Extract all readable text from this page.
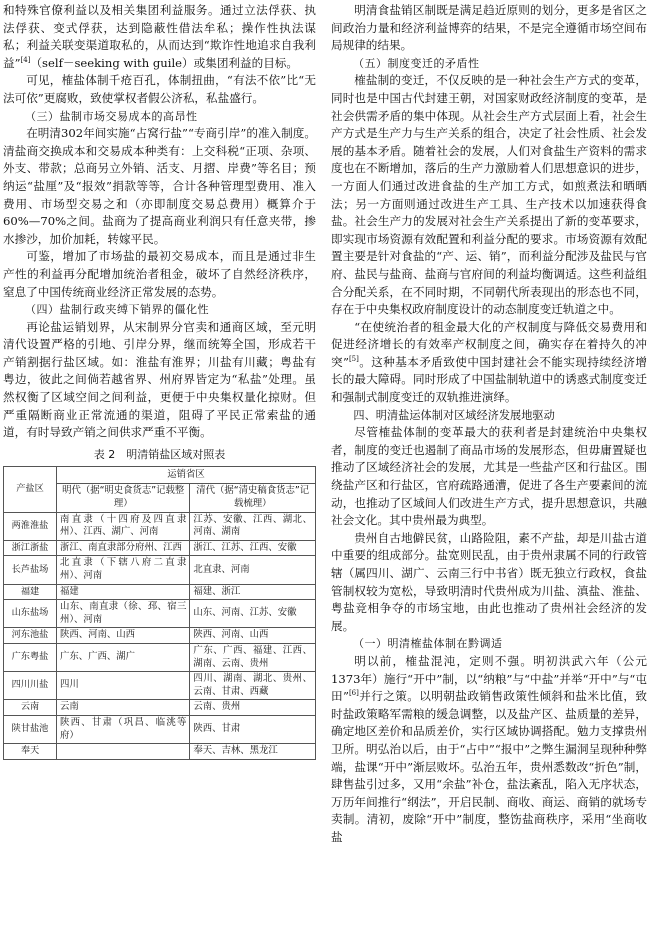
和特殊官僚利益以及相关集团利益服务。通过立法俘获、执法俘获、变式俘获，达到隐蔽性借法牟私；操作性执法谋私；利益关联变渠道取私的，从而达到“欺诈性地追求自我利益”[4]（self－seeking with guile）或集团利益的目标。

可见，榷盐体制千疮百孔，体制扭曲，“有法不依”比“无法可依”更腐败，致使掌权者假公济私，私盐盛行。

（三）盐制市场交易成本的高昂性

在明清302年间实施“占窝行盐”“专商引岸”的准入制度。清盐商交换成本和交易成本种类有：上交科税“正项、杂项、外支、带款；总商另立外销、活支、月摺、岸费”等名目；预纳运“盐厘”及“报效”捐款等等，合计各种管理型费用、准入费用、市场型交易之和（亦即制度交易总费用）概算介于60%—70%之间。盐商为了提高商业利润只有任意夹带，掺水掺沙，加价加耗，转嫁平民。

可鉴，增加了市场盐的最初交易成本，而且是通过非生产性的利益再分配增加统治者租金，破坏了自然经济秩序，窒息了中国传统商业经济正常发展的态势。

（四）盐制行政夹缚下销界的僵化性

再论盐运销划界，从宋制界分官卖和通商区域，至元明清代设置严格的引地、引岸分界，继而统筹全国，形成若干产销割据行盐区域。如：淮盐有淮界；川盐有川藏；粤盐有粤边，彼此之间倘若越省界、州府界皆定为“私盐”处理。虽然权衡了区域空间之间利益，更便于中央集权量化掠财。但严重隔断商业正常流通的渠道，阻碍了平民正常索盐的通道，有时导致产销之间供求严重不平衡。

表 2　明清销盐区域对照表
产盐区	运销省区	
	明代（据“明史食货志”记载整理）	清代（据“清史稿食货志”记载梳理）
两淮淮盐	南直隶（十四府及四直隶州）、江西、湖广、河南	江苏、安徽、江西、湖北、河南、湖南
浙江浙盐	浙江、南直隶部分府州、江西	浙江、江苏、江西、安徽
长芦盐场	北直隶（下辖八府二直隶州）、河南	北直隶、河南
福建	福建	福建、浙江
山东盐场	山东、南直隶（徐、邳、宿三州）、河南	山东、河南、江苏、安徽
河东池盐	陕西、河南、山西	陕西、河南、山西
广东粤盐	广东、广西、湖广	广东、广西、福建、江西、湖南、云南、贵州
四川川盐	四川	四川、湖南、湖北、贵州、云南、甘肃、西藏
云南	云南	云南、贵州
陕甘盐池	陕西、甘肃（巩昌、临洮等府）	陕西、甘肃
奉天		奉天、吉林、黑龙江

明清食盐销区制既是满足趋近原则的划分，更多是省区之间政治力量和经济利益博弈的结果，不是完全遵循市场空间布局规律的结果。

（五）制度变迁的矛盾性

榷盐制的变迁，不仅反映的是一种社会生产方式的变革，同时也是中国古代封建王朝，对国家财政经济制度的变革，是社会供需矛盾的集中体现。从社会生产方式层面上看，社会生产方式是生产力与生产关系的组合，决定了社会性质、社会发展的基本矛盾。随着社会的发展，人们对食盐生产资料的需求度也在不断增加，落后的生产力激励着人们思想意识的进步，一方面人们通过改进食盐的生产加工方式，如煎煮法和晒晒法；另一方面则通过改进生产工具、生产技术以加速获得食盐。社会生产力的发展对社会生产关系提出了新的变革要求，即实现市场资源有效配置和利益分配的要求。市场资源有效配置主要是针对食盐的“产、运、销”，而利益分配涉及盐民与官府、盐民与盐商、盐商与官府间的利益均衡调适。这些利益组合分配关系，在不同时期，不同朝代所表现出的形态也不同，存在于中央集权政府制度设计的动态制度变迁轨道之中。

“在使统治者的租金最大化的产权制度与降低交易费用和促进经济增长的有效率产权制度之间，确实存在着持久的冲突”[5]。这种基本矛盾致使中国封建社会不能实现持续经济增长的最大障碍。同时形成了中国盐制轨道中的诱惑式制度变迁和强制式制度变迁的双轨推进演绎。

四、明清盐运体制对区域经济发展地驱动

尽管榷盐体制的变革最大的获利者是封建统治中央集权者，制度的变迁也遏制了商品市场的发展形态，但毋庸置疑也推动了区域经济社会的发展，尤其是一些盐产区和行盐区。围绕盐产区和行盐区，官府疏路通漕，促进了各生产要素间的流动，也推动了区域间人们改进生产方式，提升思想意识，共融社会文化。其中贵州最为典型。

贵州自古地僻民贫，山路险阻，素不产盐，却是川盐古道中重要的组成部分。盐宽则民乱，由于贵州隶属不同的行政管辖（属四川、湖广、云南三行中书省）既无独立行政权，食盐管制权较为宽松，导致明清时代贵州成为川盐、滇盐、淮盐、粤盐竞相争夺的市场宝地，由此也推动了贵州社会经济的发展。

（一）明清榷盐体制在黔调适

明以前，榷盐混沌，定则不强。明初洪武六年（公元1373年）施行“开中”制，以“纳粮”与“中盐”并举“开中”与“屯田”[6]并行之策。以明朝盐政销售政策性倾斜和盐米比值，致时盐政策略军需粮的缓急调整，以及盐产区、盐质量的差异，确定地区差价和品质差价，实行区域协调搭配。勉力支撑贵州卫所。明弘治以后，由于“占中”“报中”之弊生漏洞呈现种种弊端，盐课“开中”渐层败坏。弘治五年，贵州悉数改“折色”制，肆售盐引过多，又用“余盐”补仓，盐法紊乱，陷入无序状态，万历年间推行“纲法”，开启民制、商收、商运、商销的就场专卖制。清初，废除“开中”制度，整饬盐商秩序，采用“坐商收盐
